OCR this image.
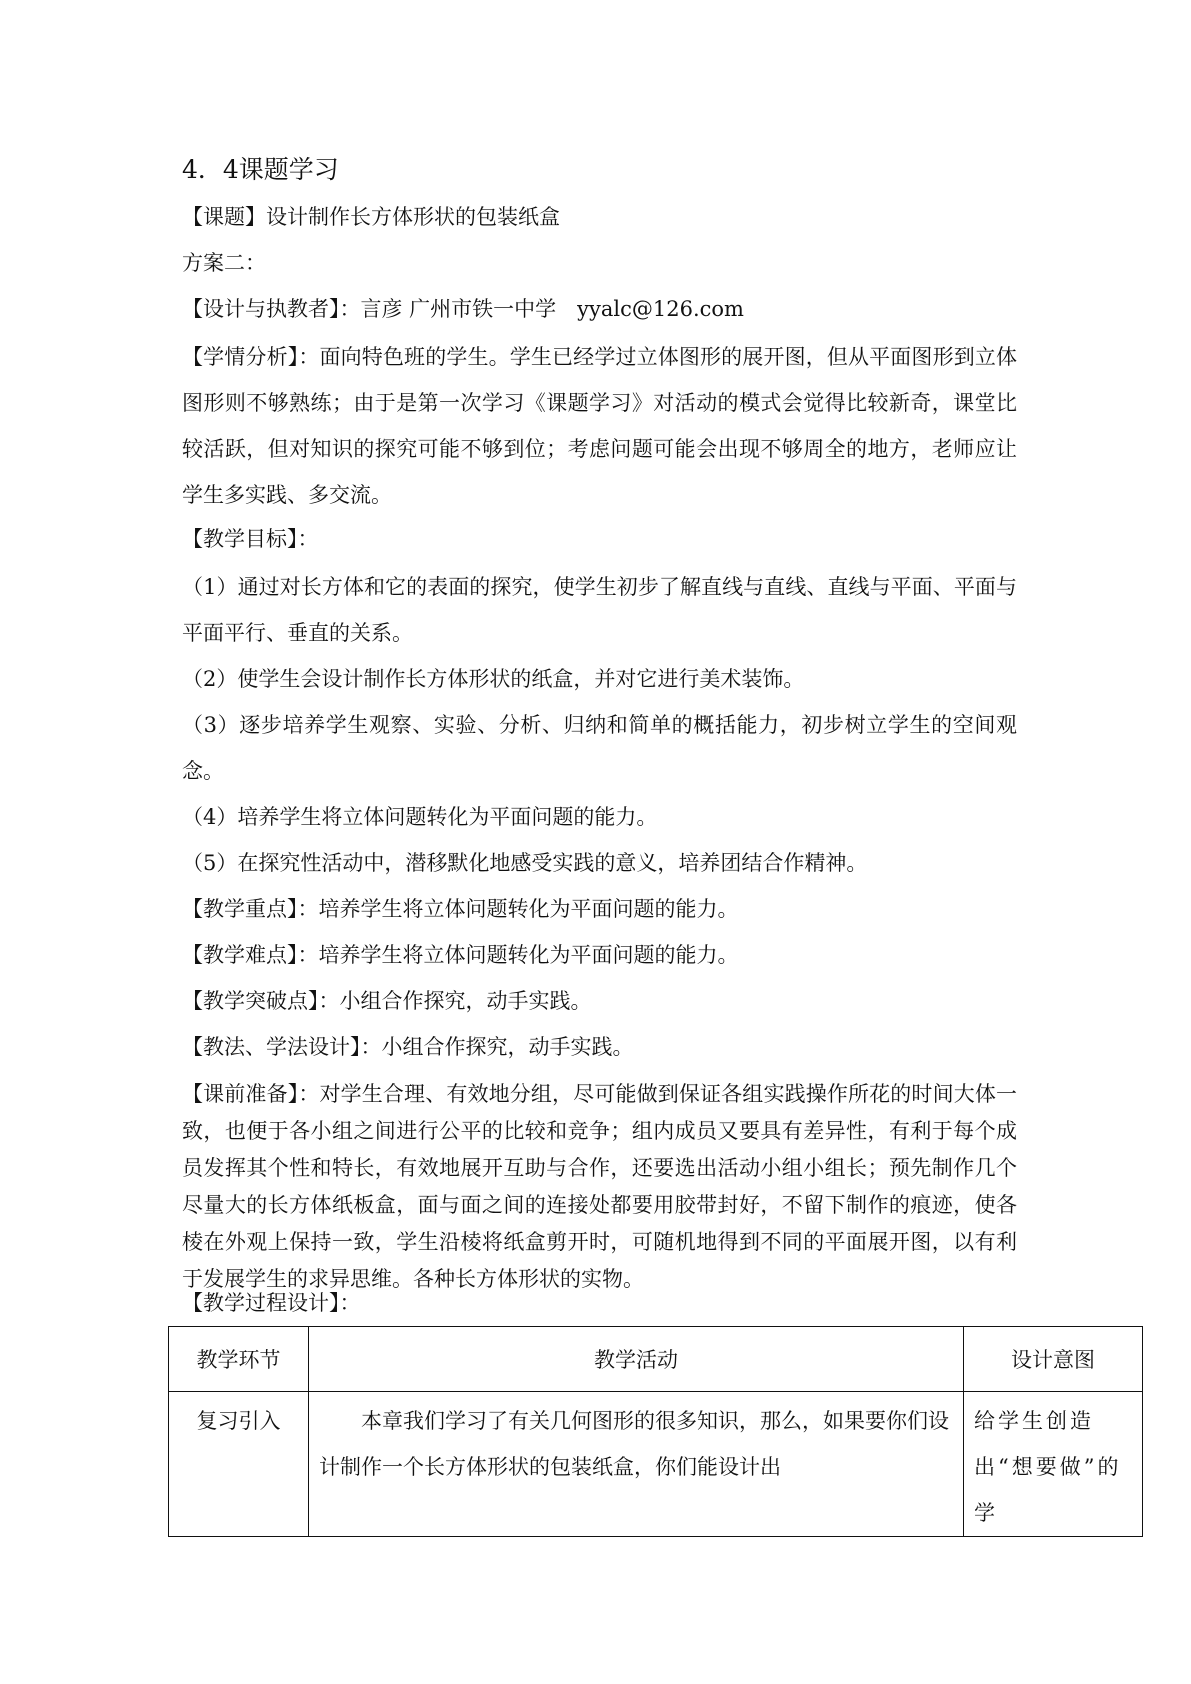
4．4课题学习
【课题】设计制作长方体形状的包装纸盒
方案二：
【设计与执教者】：言彦 广州市铁一中学　yyalc@126.com
【学情分析】：面向特色班的学生。学生已经学过立体图形的展开图，但从平面图形到立体图形则不够熟练；由于是第一次学习《课题学习》对活动的模式会觉得比较新奇，课堂比较活跃，但对知识的探究可能不够到位；考虑问题可能会出现不够周全的地方，老师应让学生多实践、多交流。
【教学目标】：
（1）通过对长方体和它的表面的探究，使学生初步了解直线与直线、直线与平面、平面与平面平行、垂直的关系。
（2）使学生会设计制作长方体形状的纸盒，并对它进行美术装饰。
（3）逐步培养学生观察、实验、分析、归纳和简单的概括能力，初步树立学生的空间观念。
（4）培养学生将立体问题转化为平面问题的能力。
（5）在探究性活动中，潜移默化地感受实践的意义，培养团结合作精神。
【教学重点】：培养学生将立体问题转化为平面问题的能力。
【教学难点】：培养学生将立体问题转化为平面问题的能力。
【教学突破点】：小组合作探究，动手实践。
【教法、学法设计】：小组合作探究，动手实践。
【课前准备】：对学生合理、有效地分组，尽可能做到保证各组实践操作所花的时间大体一致，也便于各小组之间进行公平的比较和竞争；组内成员又要具有差异性，有利于每个成员发挥其个性和特长，有效地展开互助与合作，还要选出活动小组小组长；预先制作几个尽量大的长方体纸板盒，面与面之间的连接处都要用胶带封好，不留下制作的痕迹，使各棱在外观上保持一致，学生沿棱将纸盒剪开时，可随机地得到不同的平面展开图，以有利于发展学生的求异思维。各种长方体形状的实物。
【教学过程设计】：
教学环节	教学活动	设计意图
复习引入	本章我们学习了有关几何图形的很多知识，那么，如果要你们设计制作一个长方体形状的包装纸盒，你们能设计出	给学生创造出“想要做”的学
